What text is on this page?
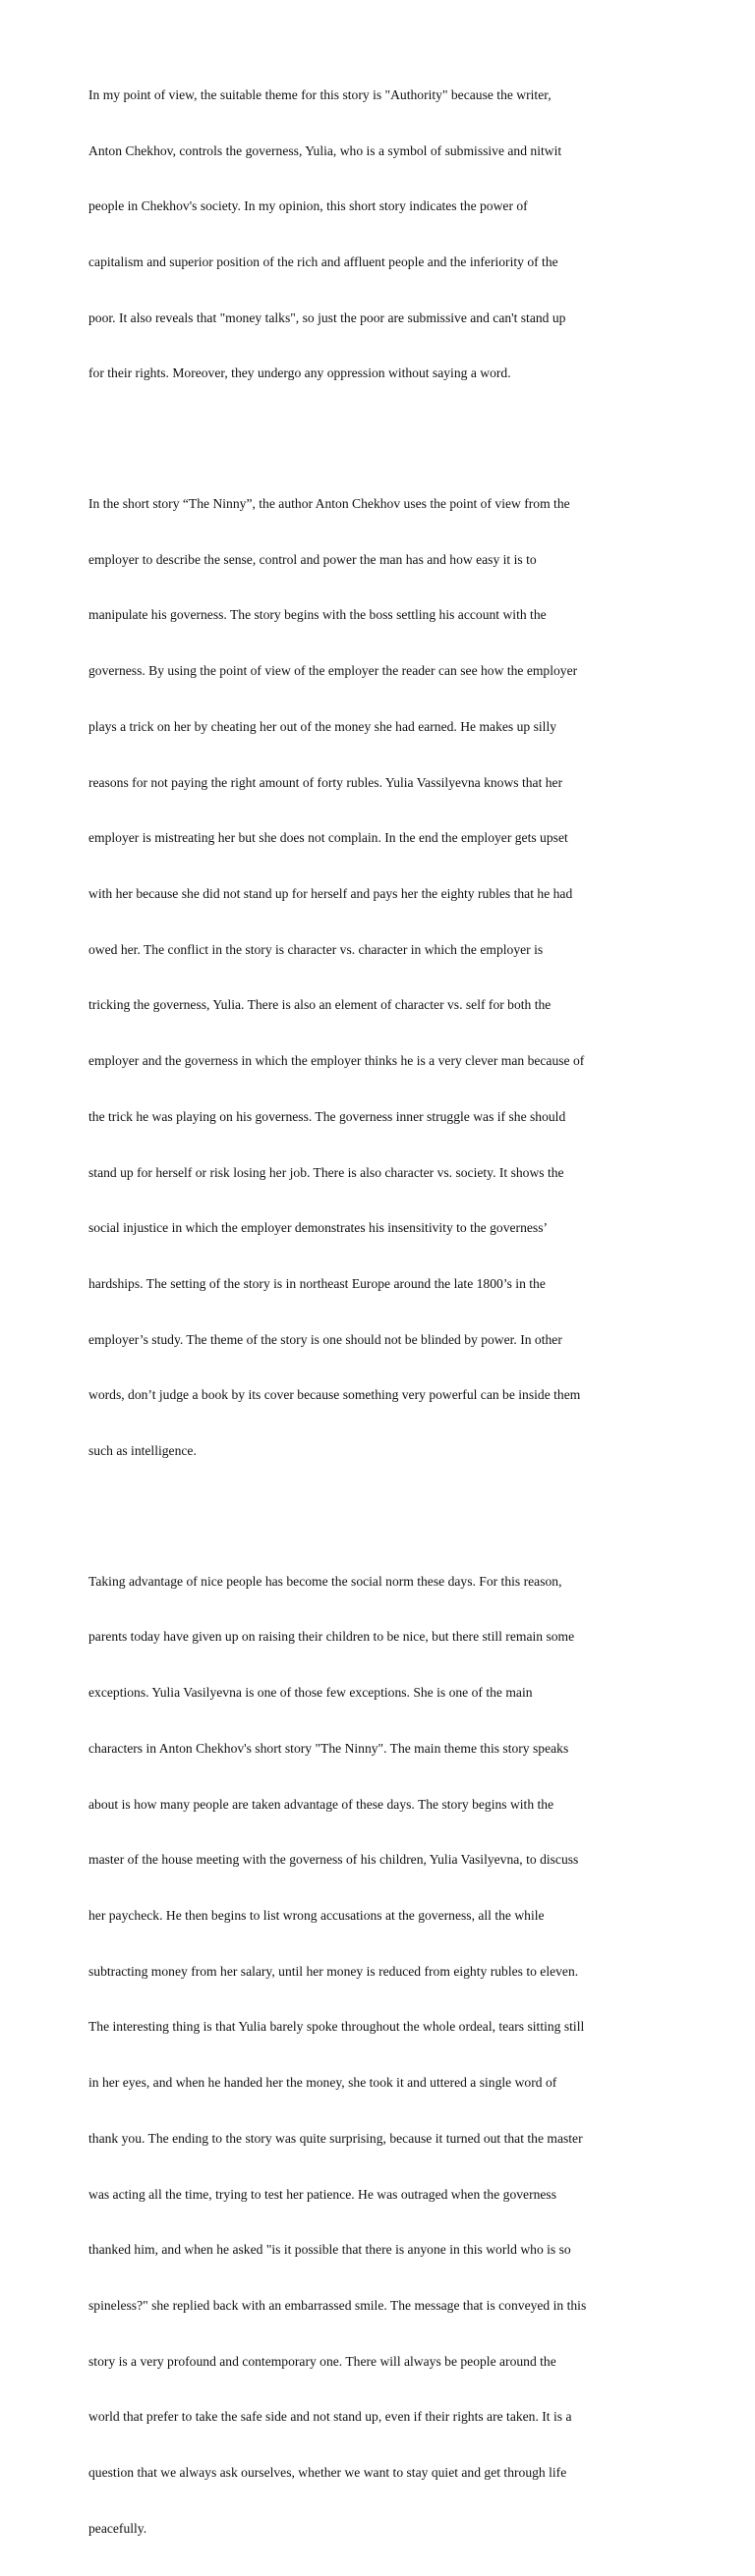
In my point of view, the suitable theme for this story is "Authority" because the writer,

Anton Chekhov, controls the governess, Yulia, who is a symbol of submissive and nitwit

people in Chekhov's society. In my opinion, this short story indicates the power of

capitalism and superior position of the rich and affluent people and the inferiority of the

poor. It also reveals that "money talks", so just the poor are submissive and can't stand up

for their rights. Moreover, they undergo any oppression without saying a word.

In the short story “The Ninny”, the author Anton Chekhov uses the point of view from the

employer to describe the sense, control and power the man has and how easy it is to

manipulate his governess. The story begins with the boss settling his account with the

governess. By using the point of view of the employer the reader can see how the employer

plays a trick on her by cheating her out of the money she had earned. He makes up silly

reasons for not paying the right amount of forty rubles. Yulia Vassilyevna knows that her

employer is mistreating her but she does not complain. In the end the employer gets upset

with her because she did not stand up for herself and pays her the eighty rubles that he had

owed her. The conflict in the story is character vs. character in which the employer is

tricking the governess, Yulia. There is also an element of character vs. self for both the

employer and the governess in which the employer thinks he is a very clever man because of

the trick he was playing on his governess. The governess inner struggle was if she should

stand up for herself or risk losing her job. There is also character vs. society. It shows the

social injustice in which the employer demonstrates his insensitivity to the governess’

hardships. The setting of the story is in northeast Europe around the late 1800’s in the

employer’s study. The theme of the story is one should not be blinded by power. In other

words, don’t judge a book by its cover because something very powerful can be inside them

such as intelligence.

Taking advantage of nice people has become the social norm these days. For this reason,

parents today have given up on raising their children to be nice, but there still remain some

exceptions. Yulia Vasilyevna is one of those few exceptions. She is one of the main

characters in Anton Chekhov's short story "The Ninny". The main theme this story speaks

about is how many people are taken advantage of these days. The story begins with the

master of the house meeting with the governess of his children, Yulia Vasilyevna, to discuss

her paycheck. He then begins to list wrong accusations at the governess, all the while

subtracting money from her salary, until her money is reduced from eighty rubles to eleven.

The interesting thing is that Yulia barely spoke throughout the whole ordeal, tears sitting still

in her eyes, and when he handed her the money, she took it and uttered a single word of

thank you. The ending to the story was quite surprising, because it turned out that the master

was acting all the time, trying to test her patience. He was outraged when the governess

thanked him, and when he asked "is it possible that there is anyone in this world who is so

spineless?" she replied back with an embarrassed smile. The message that is conveyed in this

story is a very profound and contemporary one. There will always be people around the

world that prefer to take the safe side and not stand up, even if their rights are taken. It is a

question that we always ask ourselves, whether we want to stay quiet and get through life

peacefully.
